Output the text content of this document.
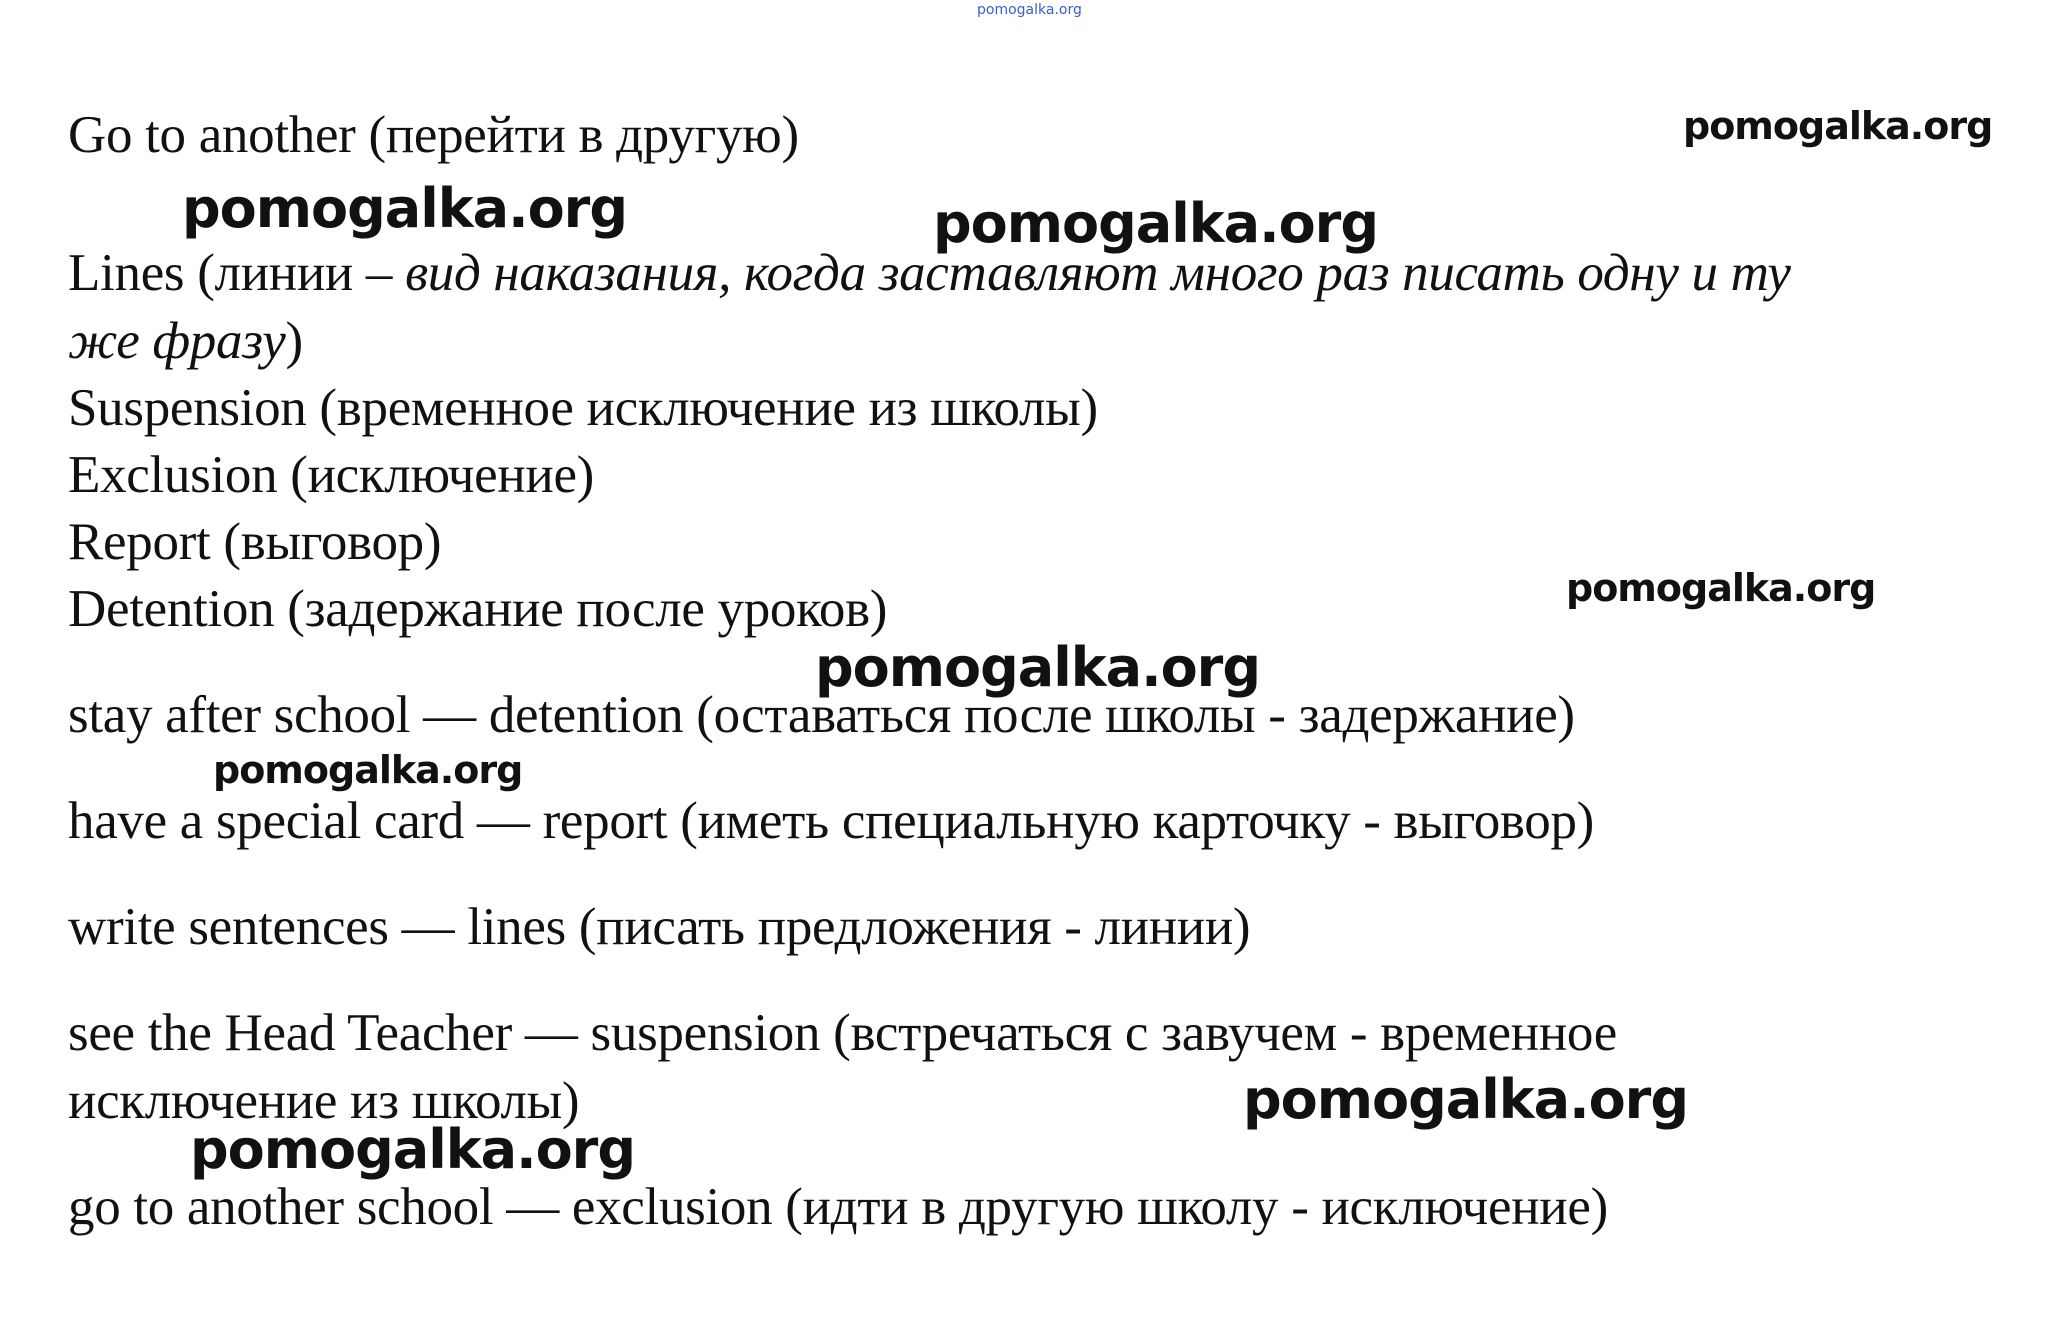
pomogalka.org
Go to another (перейти в другую)
Lines (линии – вид наказания, когда заставляют много раз писать одну и ту
же фразу)
Suspension (временное исключение из школы)
Exclusion (исключение)
Report (выговор)
Detention (задержание после уроков)
stay after school — detention (оставаться после школы - задержание)
have a special card — report (иметь специальную карточку - выговор)
write sentences — lines (писать предложения - линии)
see the Head Teacher — suspension (встречаться с завучем - временное
исключение из школы)
go to another school — exclusion (идти в другую школу - исключение)
pomogalka.org
pomogalka.org	pomogalka.org
pomogalka.org
pomogalka.org
pomogalka.org
pomogalka.org
pomogalka.org
